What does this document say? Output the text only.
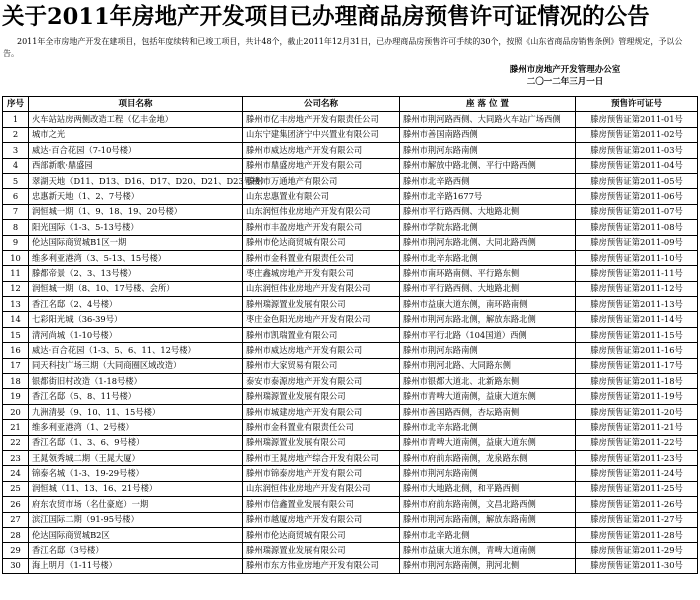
关于2011年房地产开发项目已办理商品房预售许可证情况的公告

2011年全市房地产开发在建项目，包括年度续转和已竣工项目，共计48个，截止2011年12月31日，已办理商品房预售许可手续的30个，按照《山东省商品房销售条例》管理规定，予以公告。

滕州市房地产开发管理办公室
二〇一二年三月一日
序号	项目名称	公司名称	座 落 位 置	预售许可证号
1	火车站站房两侧改造工程（亿丰金地）	滕州市亿丰房地产开发有限责任公司	滕州市荆河路西侧、大同路火车站广场西侧	滕房预售证第2011-01号
2	城市之光	山东宁建集团济宁中兴置业有限公司	滕州市善国南路西侧	滕房预售证第2011-02号
3	威达·百合花园（7-10号楼）	滕州市威达房地产开发有限公司	滕州市荆河东路南侧	滕房预售证第2011-03号
4	西部新歌·鼎盛园	滕州市鼎盛房地产开发有限公司	滕州市解放中路北侧、平行中路西侧	滕房预售证第2011-04号
5	翠湖天地（D11、D13、D16、D17、D20、D21、D23号楼）	滕州市万通地产有限公司	滕州市北辛路西侧	滕房预售证第2011-05号
6	忠惠新天地（1、2、7号楼）	山东忠惠置业有限公司	滕州市北辛路1677号	滕房预售证第2011-06号
7	润恒城一期（1、9、18、19、20号楼）	山东润恒伟业房地产开发有限公司	滕州市平行路西侧、大地路北侧	滕房预售证第2011-07号
8	阳光国际（1-3、5-13号楼）	滕州市丰盈房地产开发有限公司	滕州市学院东路北侧	滕房预售证第2011-08号
9	伦达国际商贸城B1区一期	滕州市伦达商贸城有限公司	滕州市荆河东路北侧、大同北路西侧	滕房预售证第2011-09号
10	维多利亚港湾（3、5-13、15号楼）	滕州市金科置业有限责任公司	滕州市北辛东路北侧	滕房预售证第2011-10号
11	滕都帝景（2、3、13号楼）	枣庄鑫城房地产开发有限公司	滕州市南环路南侧、平行路东侧	滕房预售证第2011-11号
12	润恒城一期（8、10、17号楼、会所）	山东润恒伟业房地产开发有限公司	滕州市平行路西侧、大地路北侧	滕房预售证第2011-12号
13	香江名邸（2、4号楼）	滕州瑞源置业发展有限公司	滕州市益康大道东侧，南环路南侧	滕房预售证第2011-13号
14	七彩阳光城（36-39号）	枣庄金色阳光房地产开发有限公司	滕州市荆河东路北侧，解放东路北侧	滕房预售证第2011-14号
15	清河尚城（1-10号楼）	滕州市凯瑞置业有限公司	滕州市平行北路（104国道）西侧	滕房预售证第2011-15号
16	威达·百合花园（1-3、5、6、11、12号楼）	滕州市威达房地产开发有限公司	滕州市荆河东路南侧	滕房预售证第2011-16号
17	同天科技广场三期（大同商圈区域改造）	滕州市大家贸易有限公司	滕州市荆河北路、大同路东侧	滕房预售证第2011-17号
18	银都街旧村改造（1-18号楼）	泰安市泰源房地产开发有限公司	滕州市银都大道北、北新路东侧	滕房预售证第2011-18号
19	香江名邸（5、8、11号楼）	滕州瑞源置业发展有限公司	滕州市青啤大道南侧，益康大道东侧	滕房预售证第2011-19号
20	九洲清晏（9、10、11、15号楼）	滕州市城建房地产开发有限公司	滕州市善国路西侧，杏坛路南侧	滕房预售证第2011-20号
21	维多利亚港湾（1、2号楼）	滕州市金科置业有限责任公司	滕州市北辛东路北侧	滕房预售证第2011-21号
22	香江名邸（1、3、6、9号楼）	滕州瑞源置业发展有限公司	滕州市青啤大道南侧，益康大道东侧	滕房预售证第2011-22号
23	王晁领秀城二期（王晁大厦）	滕州市王晁房地产综合开发有限公司	滕州市府前东路南侧，龙泉路东侧	滕房预售证第2011-23号
24	锦泰名城（1-3、19-29号楼）	滕州市锦泰房地产开发有限公司	滕州市荆河东路南侧	滕房预售证第2011-24号
25	润恒城（11、13、16、21号楼）	山东润恒伟业房地产开发有限公司	滕州市大地路北侧，和平路西侧	滕房预售证第2011-25号
26	府东农贸市场（名仕豪庭）一期	滕州市信鑫置业发展有限公司	滕州市府前东路南侧，文昌北路西侧	滕房预售证第2011-26号
27	滨江国际二期（91-95号楼）	滕州市越厦房地产开发有限公司	滕州市荆河东路南侧，解放东路南侧	滕房预售证第2011-27号
28	伦达国际商贸城B2区	滕州市伦达商贸城有限公司	滕州市北辛路北侧	滕房预售证第2011-28号
29	香江名邸（3号楼）	滕州瑞源置业发展有限公司	滕州市益康大道东侧，青啤大道南侧	滕房预售证第2011-29号
30	海上明月（1-11号楼）	滕州市东方伟业房地产开发有限公司	滕州市荆河东路南侧，荆河北侧	滕房预售证第2011-30号
